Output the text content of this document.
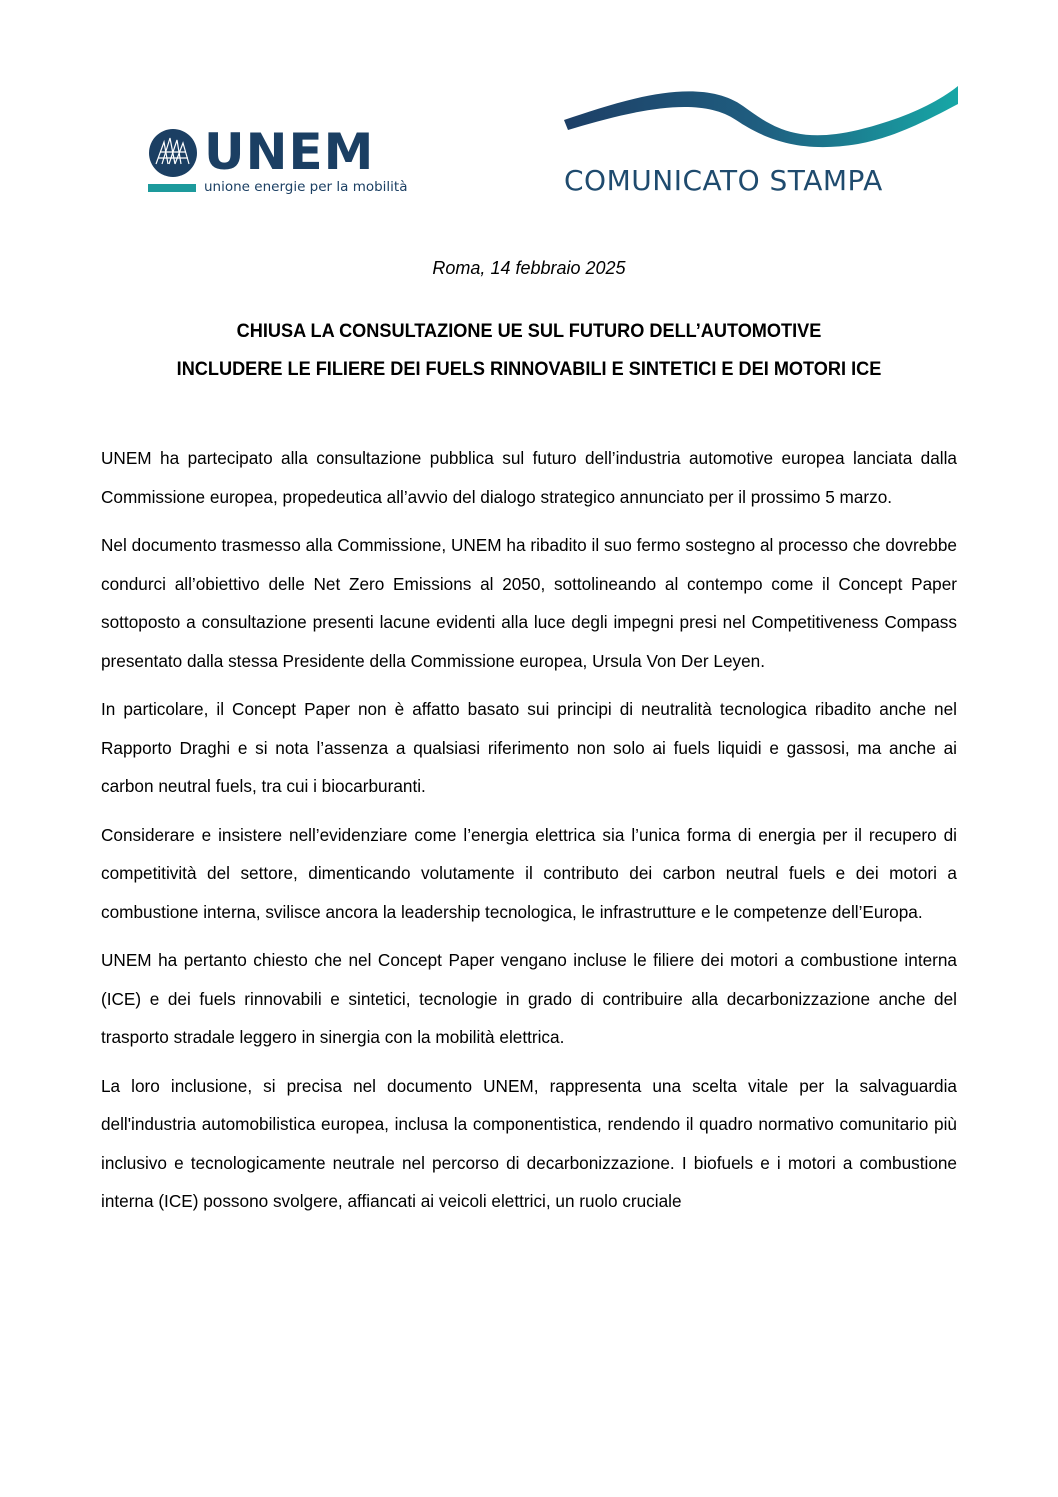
UNEM
unione energie per la mobilità	COMUNICATO STAMPA
Roma, 14 febbraio 2025
CHIUSA LA CONSULTAZIONE UE SUL FUTURO DELL’AUTOMOTIVE
INCLUDERE LE FILIERE DEI FUELS RINNOVABILI E SINTETICI E DEI MOTORI ICE

UNEM ha partecipato alla consultazione pubblica sul futuro dell’industria automotive europea lanciata dalla Commissione europea, propedeutica all’avvio del dialogo strategico annunciato per il prossimo 5 marzo.

Nel documento trasmesso alla Commissione, UNEM ha ribadito il suo fermo sostegno al processo che dovrebbe condurci all’obiettivo delle Net Zero Emissions al 2050, sottolineando al contempo come il Concept Paper sottoposto a consultazione presenti lacune evidenti alla luce degli impegni presi nel Competitiveness Compass presentato dalla stessa Presidente della Commissione europea, Ursula Von Der Leyen.

In particolare, il Concept Paper non è affatto basato sui principi di neutralità tecnologica ribadito anche nel Rapporto Draghi e si nota l’assenza a qualsiasi riferimento non solo ai fuels liquidi e gassosi, ma anche ai carbon neutral fuels, tra cui i biocarburanti.

Considerare e insistere nell’evidenziare come l’energia elettrica sia l’unica forma di energia per il recupero di competitività del settore, dimenticando volutamente il contributo dei carbon neutral fuels e dei motori a combustione interna, svilisce ancora la leadership tecnologica, le infrastrutture e le competenze dell’Europa.

UNEM ha pertanto chiesto che nel Concept Paper vengano incluse le filiere dei motori a combustione interna (ICE) e dei fuels rinnovabili e sintetici, tecnologie in grado di contribuire alla decarbonizzazione anche del trasporto stradale leggero in sinergia con la mobilità elettrica.

La loro inclusione, si precisa nel documento UNEM, rappresenta una scelta vitale per la salvaguardia dell'industria automobilistica europea, inclusa la componentistica, rendendo il quadro normativo comunitario più inclusivo e tecnologicamente neutrale nel percorso di decarbonizzazione. I biofuels e i motori a combustione interna (ICE) possono svolgere, affiancati ai veicoli elettrici, un ruolo cruciale
